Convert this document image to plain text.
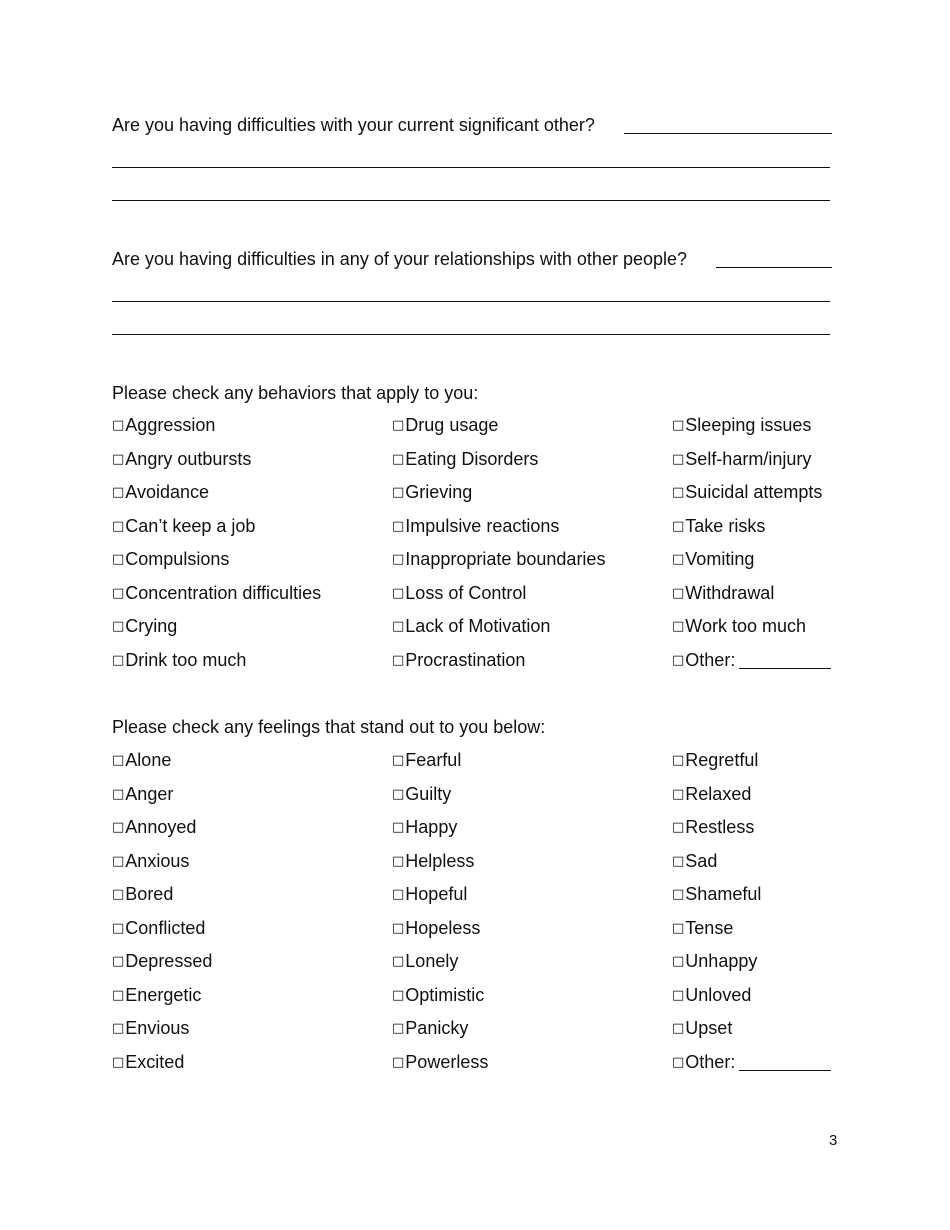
Are you having difficulties with your current significant other?
Are you having difficulties in any of your relationships with other people?
Please check any behaviors that apply to you:
□ Aggression	□ Drug usage	□ Sleeping issues
□ Angry outbursts	□ Eating Disorders	□ Self-harm/injury
□ Avoidance	□ Grieving	□ Suicidal attempts
□ Can’t keep a job	□ Impulsive reactions	□ Take risks
□ Compulsions	□ Inappropriate boundaries	□ Vomiting
□ Concentration difficulties	□ Loss of Control	□ Withdrawal
□ Crying	□ Lack of Motivation	□ Work too much
□ Drink too much	□ Procrastination	□ Other:
Please check any feelings that stand out to you below:
□ Alone	□ Fearful	□ Regretful
□ Anger	□ Guilty	□ Relaxed
□ Annoyed	□ Happy	□ Restless
□ Anxious	□ Helpless	□ Sad
□ Bored	□ Hopeful	□ Shameful
□ Conflicted	□ Hopeless	□ Tense
□ Depressed	□ Lonely	□ Unhappy
□ Energetic	□ Optimistic	□ Unloved
□ Envious	□ Panicky	□ Upset
□ Excited	□ Powerless	□ Other:
3
